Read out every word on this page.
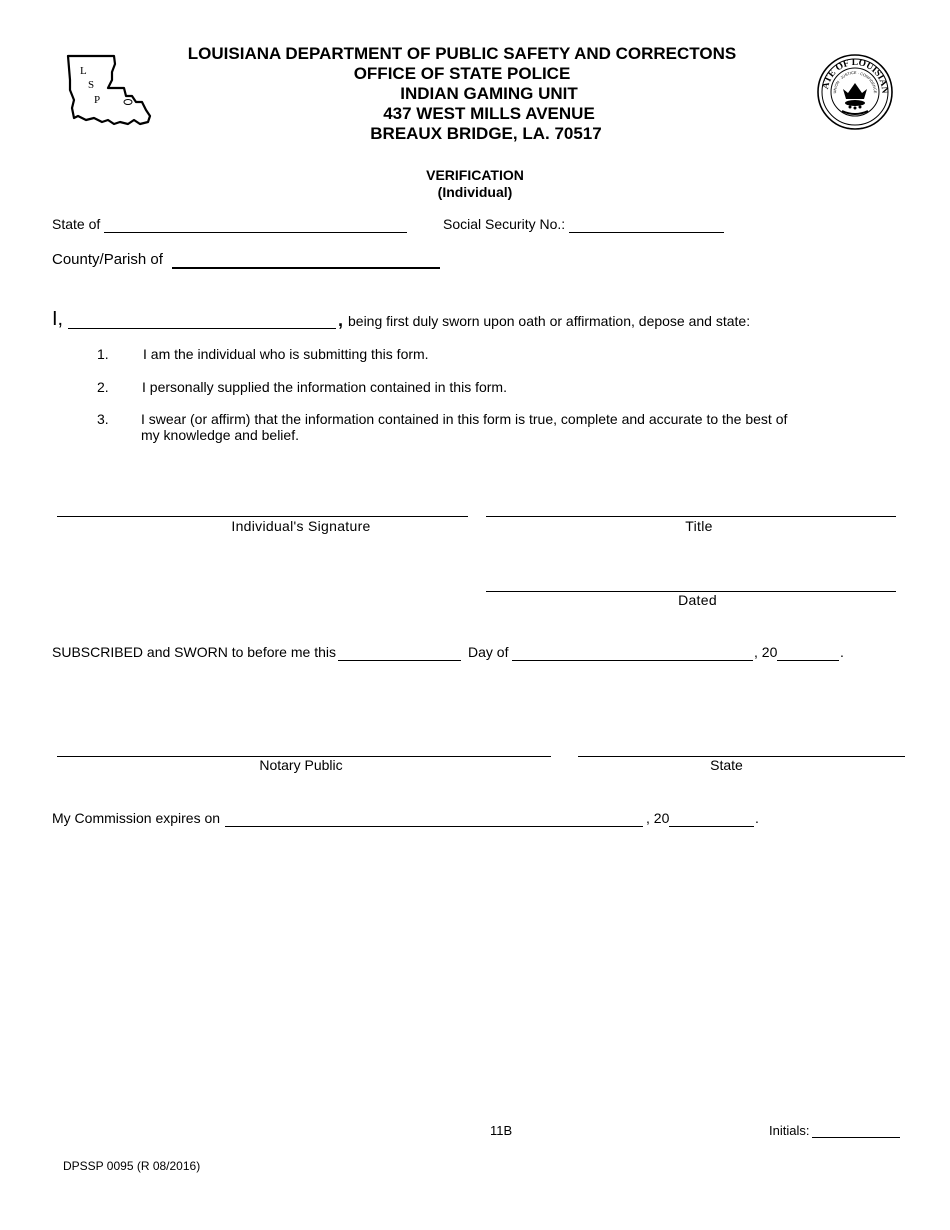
L
S
P
ATE OF LOUISIAN
UNION · JUSTICE · CONFIDENCE
LOUISIANA DEPARTMENT OF PUBLIC SAFETY AND CORRECTONS
OFFICE OF STATE POLICE
INDIAN GAMING UNIT
437 WEST MILLS AVENUE
BREAUX BRIDGE, LA. 70517
VERIFICATION
(Individual)
State of	Social Security No.:
County/Parish of
I,	, being first duly sworn upon oath or affirmation, depose and state:
1. I am the individual who is submitting this form.
2. I personally supplied the information contained in this form.
3. I swear (or affirm) that the information contained in this form is true, complete and accurate to the best of
my knowledge and belief.
Individual's Signature	Title
Dated
SUBSCRIBED and SWORN to before me this	Day of	, 20	.
Notary Public	State
My Commission expires on	, 20	.
11B	Initials:
DPSSP 0095 (R 08/2016)
